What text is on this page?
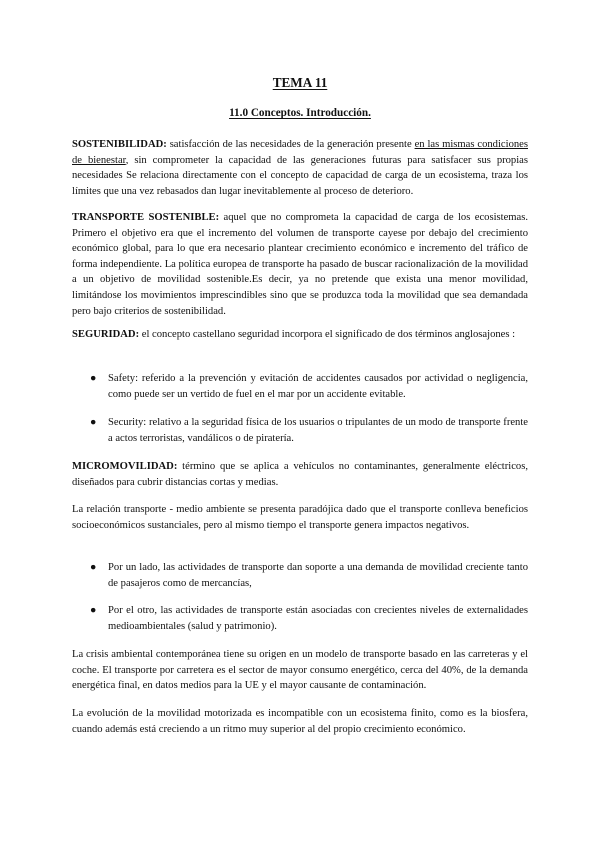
TEMA 11
11.0 Conceptos. Introducción.

SOSTENIBILIDAD: satisfacción de las necesidades de la generación presente en las mismas condiciones de bienestar, sin comprometer la capacidad de las generaciones futuras para satisfacer sus propias necesidades Se relaciona directamente con el concepto de capacidad de carga de un ecosistema, traza los límites que una vez rebasados dan lugar inevitablemente al proceso de deterioro.

TRANSPORTE SOSTENIBLE: aquel que no comprometa la capacidad de carga de los ecosistemas. Primero el objetivo era que el incremento del volumen de transporte cayese por debajo del crecimiento económico global, para lo que era necesario plantear crecimiento económico e incremento del tráfico de forma independiente. La política europea de transporte ha pasado de buscar racionalización de la movilidad a un objetivo de movilidad sostenible.Es decir, ya no pretende que exista una menor movilidad, limitándose los movimientos imprescindibles sino que se produzca toda la movilidad que sea demandada pero bajo criterios de sostenibilidad.

SEGURIDAD: el concepto castellano seguridad incorpora el significado de dos términos anglosajones :

●	Safety: referido a la prevención y evitación de accidentes causados por actividad o negligencia, como puede ser un vertido de fuel en el mar por un accidente evitable.
●	Security: relativo a la seguridad física de los usuarios o tripulantes de un modo de transporte frente a actos terroristas, vandálicos o de piratería.

MICROMOVILIDAD: término que se aplica a vehículos no contaminantes, generalmente eléctricos, diseñados para cubrir distancias cortas y medias.

La relación transporte - medio ambiente se presenta paradójica dado que el transporte conlleva beneficios socioeconómicos sustanciales, pero al mismo tiempo el transporte genera impactos negativos.

●	Por un lado, las actividades de transporte dan soporte a una demanda de movilidad creciente tanto de pasajeros como de mercancías,
●	Por el otro, las actividades de transporte están asociadas con crecientes niveles de externalidades medioambientales (salud y patrimonio).

La crisis ambiental contemporánea tiene su origen en un modelo de transporte basado en las carreteras y el coche. El transporte por carretera es el sector de mayor consumo energético, cerca del 40%, de la demanda energética final, en datos medios para la UE y el mayor causante de contaminación.

La evolución de la movilidad motorizada es incompatible con un ecosistema finito, como es la biosfera, cuando además está creciendo a un ritmo muy superior al del propio crecimiento económico.
